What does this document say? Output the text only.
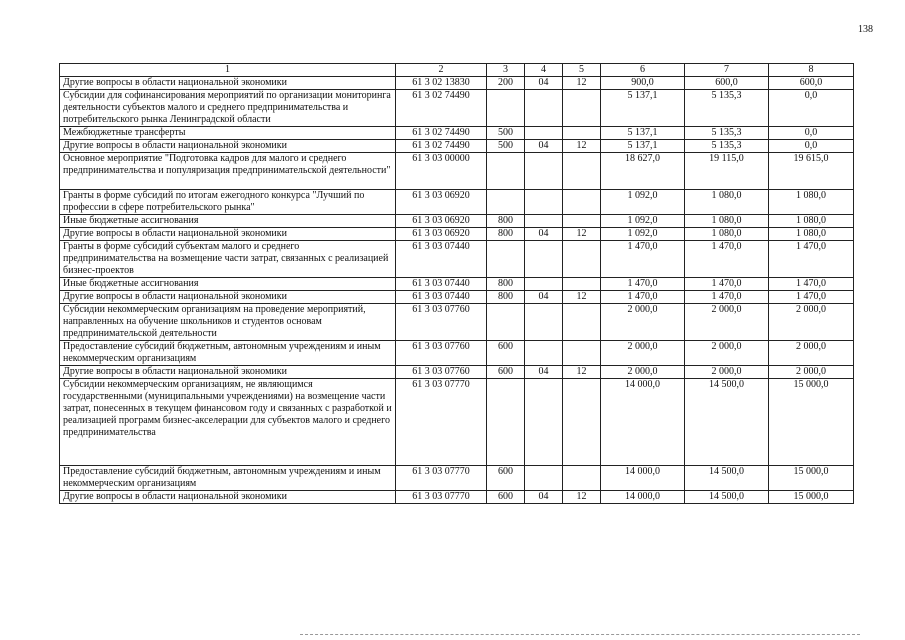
138
1	2	3	4	5	6	7	8
Другие вопросы в области национальной экономики	61 3 02 13830	200	04	12	900,0	600,0	600,0
Субсидии для софинансирования мероприятий по организации мониторинга деятельности субъектов малого и среднего предпринимательства и потребительского рынка Ленинградской области	61 3 02 74490				5 137,1	5 135,3	0,0
Межбюджетные трансферты	61 3 02 74490	500			5 137,1	5 135,3	0,0
Другие вопросы в области национальной экономики	61 3 02 74490	500	04	12	5 137,1	5 135,3	0,0
Основное мероприятие "Подготовка кадров для малого и среднего предпринимательства и популяризация предпринимательской деятельности"	61 3 03 00000				18 627,0	19 115,0	19 615,0
Гранты в форме субсидий по итогам ежегодного конкурса "Лучший по профессии в сфере потребительского рынка"	61 3 03 06920				1 092,0	1 080,0	1 080,0
Иные бюджетные ассигнования	61 3 03 06920	800			1 092,0	1 080,0	1 080,0
Другие вопросы в области национальной экономики	61 3 03 06920	800	04	12	1 092,0	1 080,0	1 080,0
Гранты в форме субсидий субъектам малого и среднего предпринимательства на возмещение части затрат, связанных с реализацией бизнес-проектов	61 3 03 07440				1 470,0	1 470,0	1 470,0
Иные бюджетные ассигнования	61 3 03 07440	800			1 470,0	1 470,0	1 470,0
Другие вопросы в области национальной экономики	61 3 03 07440	800	04	12	1 470,0	1 470,0	1 470,0
Субсидии некоммерческим организациям на проведение мероприятий, направленных на обучение школьников и студентов основам предпринимательской деятельности	61 3 03 07760				2 000,0	2 000,0	2 000,0
Предоставление субсидий бюджетным, автономным учреждениям и иным некоммерческим организациям	61 3 03 07760	600			2 000,0	2 000,0	2 000,0
Другие вопросы в области национальной экономики	61 3 03 07760	600	04	12	2 000,0	2 000,0	2 000,0
Субсидии некоммерческим организациям, не являющимся государственными (муниципальными учреждениями) на возмещение части затрат, понесенных в текущем финансовом году и связанных с разработкой и реализацией программ бизнес-акселерации для субъектов малого и среднего предпринимательства	61 3 03 07770				14 000,0	14 500,0	15 000,0
Предоставление субсидий бюджетным, автономным учреждениям и иным некоммерческим организациям	61 3 03 07770	600			14 000,0	14 500,0	15 000,0
Другие вопросы в области национальной экономики	61 3 03 07770	600	04	12	14 000,0	14 500,0	15 000,0
